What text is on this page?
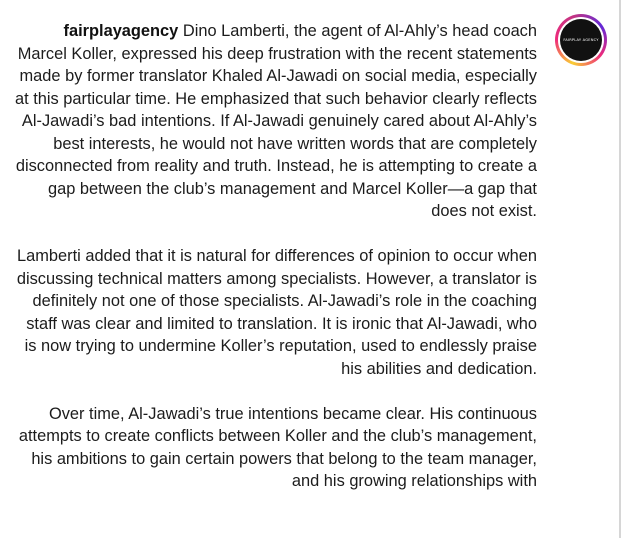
FAIRPLAY AGENCY

fairplayagency Dino Lamberti, the agent of Al-Ahly’s head coach Marcel Koller, expressed his deep frustration with the recent statements made by former translator Khaled Al-Jawadi on social media, especially at this particular time. He emphasized that such behavior clearly reflects Al-Jawadi’s bad intentions. If Al-Jawadi genuinely cared about Al-Ahly’s best interests, he would not have written words that are completely disconnected from reality and truth. Instead, he is attempting to create a gap between the club’s management and Marcel Koller—a gap that does not exist.

Lamberti added that it is natural for differences of opinion to occur when discussing technical matters among specialists. However, a translator is definitely not one of those specialists. Al-Jawadi’s role in the coaching staff was clear and limited to translation. It is ironic that Al-Jawadi, who is now trying to undermine Koller’s reputation, used to endlessly praise his abilities and dedication.

Over time, Al-Jawadi’s true intentions became clear. His continuous attempts to create conflicts between Koller and the club’s management, his ambitions to gain certain powers that belong to the team manager, and his growing relationships with
